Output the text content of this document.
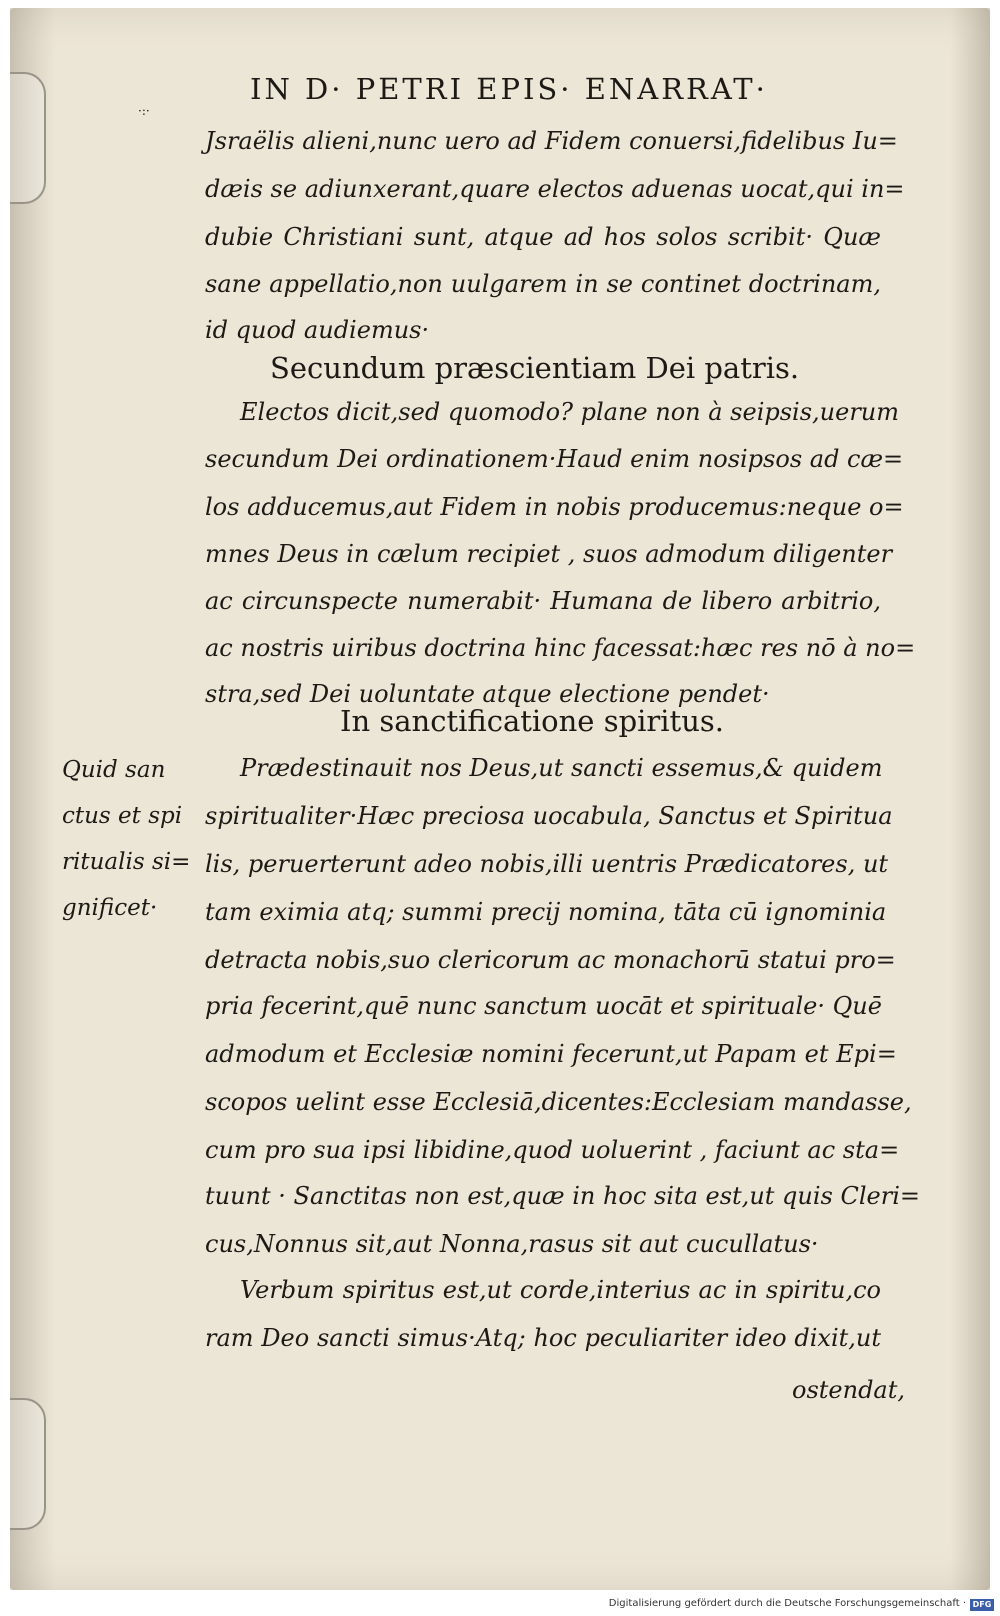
·:·
IN D· PETRI EPIS· ENARRAT·
Jsraëlis alieni,nunc uero ad Fidem conuersi,fidelibus Iu=
dæis se adiunxerant,quare electos aduenas uocat,qui in=
dubie Christiani sunt, atque ad hos solos scribit· Quæ
sane appellatio,non uulgarem in se continet doctrinam,
id quod audiemus·
Secundum præscientiam Dei patris.
Electos dicit,sed quomodo? plane non à seipsis,uerum
secundum Dei ordinationem·Haud enim nosipsos ad cæ=
los adducemus,aut Fidem in nobis producemus:neque o=
mnes Deus in cælum recipiet , suos admodum diligenter
ac circunspecte numerabit· Humana de libero arbitrio,
ac nostris uiribus doctrina hinc facessat:hæc res nō à no=
stra,sed Dei uoluntate atque electione pendet·
In sanctificatione spiritus.
Prædestinauit nos Deus,ut sancti essemus,& quidem
spiritualiter·Hæc preciosa uocabula, Sanctus et Spiritua
lis, peruerterunt adeo nobis,illi uentris Prædicatores, ut
tam eximia atq; summi precij nomina, tāta cū ignominia
detracta nobis,suo clericorum ac monachorū statui pro=
pria fecerint,quē nunc sanctum uocāt et spirituale· Quē
admodum et Ecclesiæ nomini fecerunt,ut Papam et Epi=
scopos uelint esse Ecclesiā,dicentes:Ecclesiam mandasse,
cum pro sua ipsi libidine,quod uoluerint , faciunt ac sta=
tuunt · Sanctitas non est,quæ in hoc sita est,ut quis Cleri=
cus,Nonnus sit,aut Nonna,rasus sit aut cucullatus·
Verbum spiritus est,ut corde,interius ac in spiritu,co
ram Deo sancti simus·Atq; hoc peculiariter ideo dixit,ut
ostendat,
Quid san
ctus et spi
ritualis si=
gnificet·
Digitalisierung gefördert durch die Deutsche Forschungsgemeinschaft · DFG
